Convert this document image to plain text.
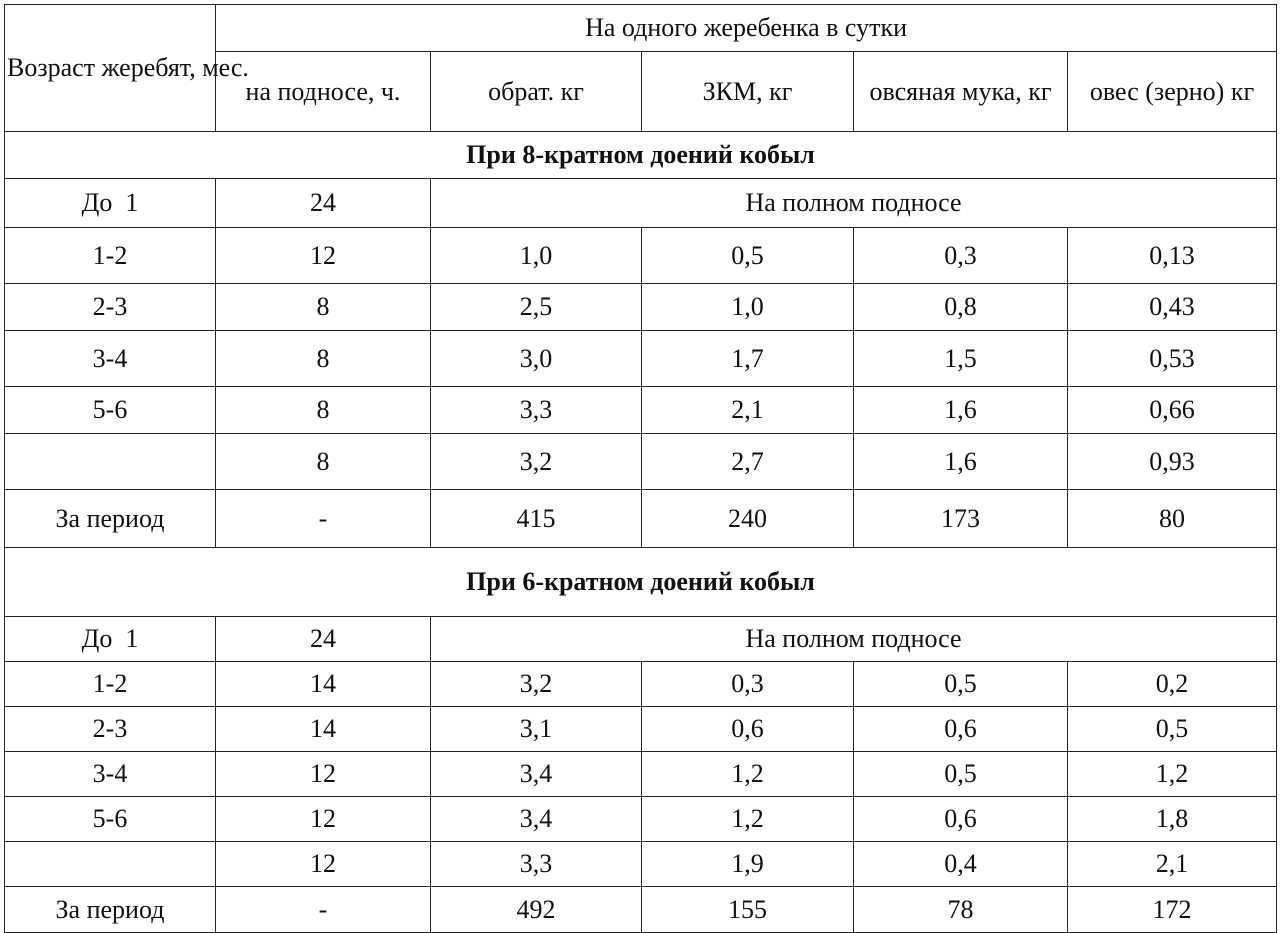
Возраст жеребят, мес.	На одного жеребенка в сутки				
	на подносе, ч.	обрат. кг	ЗКМ, кг	овсяная мука, кг	овес (зерно) кг
При 8-кратном доений кобыл					
До  1	24	На полном подносе			
1-2	12	1,0	0,5	0,3	0,13
2-3	8	2,5	1,0	0,8	0,43
3-4	8	3,0	1,7	1,5	0,53
5-6	8	3,3	2,1	1,6	0,66
	8	3,2	2,7	1,6	0,93
За период	-	415	240	173	80
При 6-кратном доений кобыл					
До  1	24	На полном подносе			
1-2	14	3,2	0,3	0,5	0,2
2-3	14	3,1	0,6	0,6	0,5
3-4	12	3,4	1,2	0,5	1,2
5-6	12	3,4	1,2	0,6	1,8
	12	3,3	1,9	0,4	2,1
За период	-	492	155	78	172
